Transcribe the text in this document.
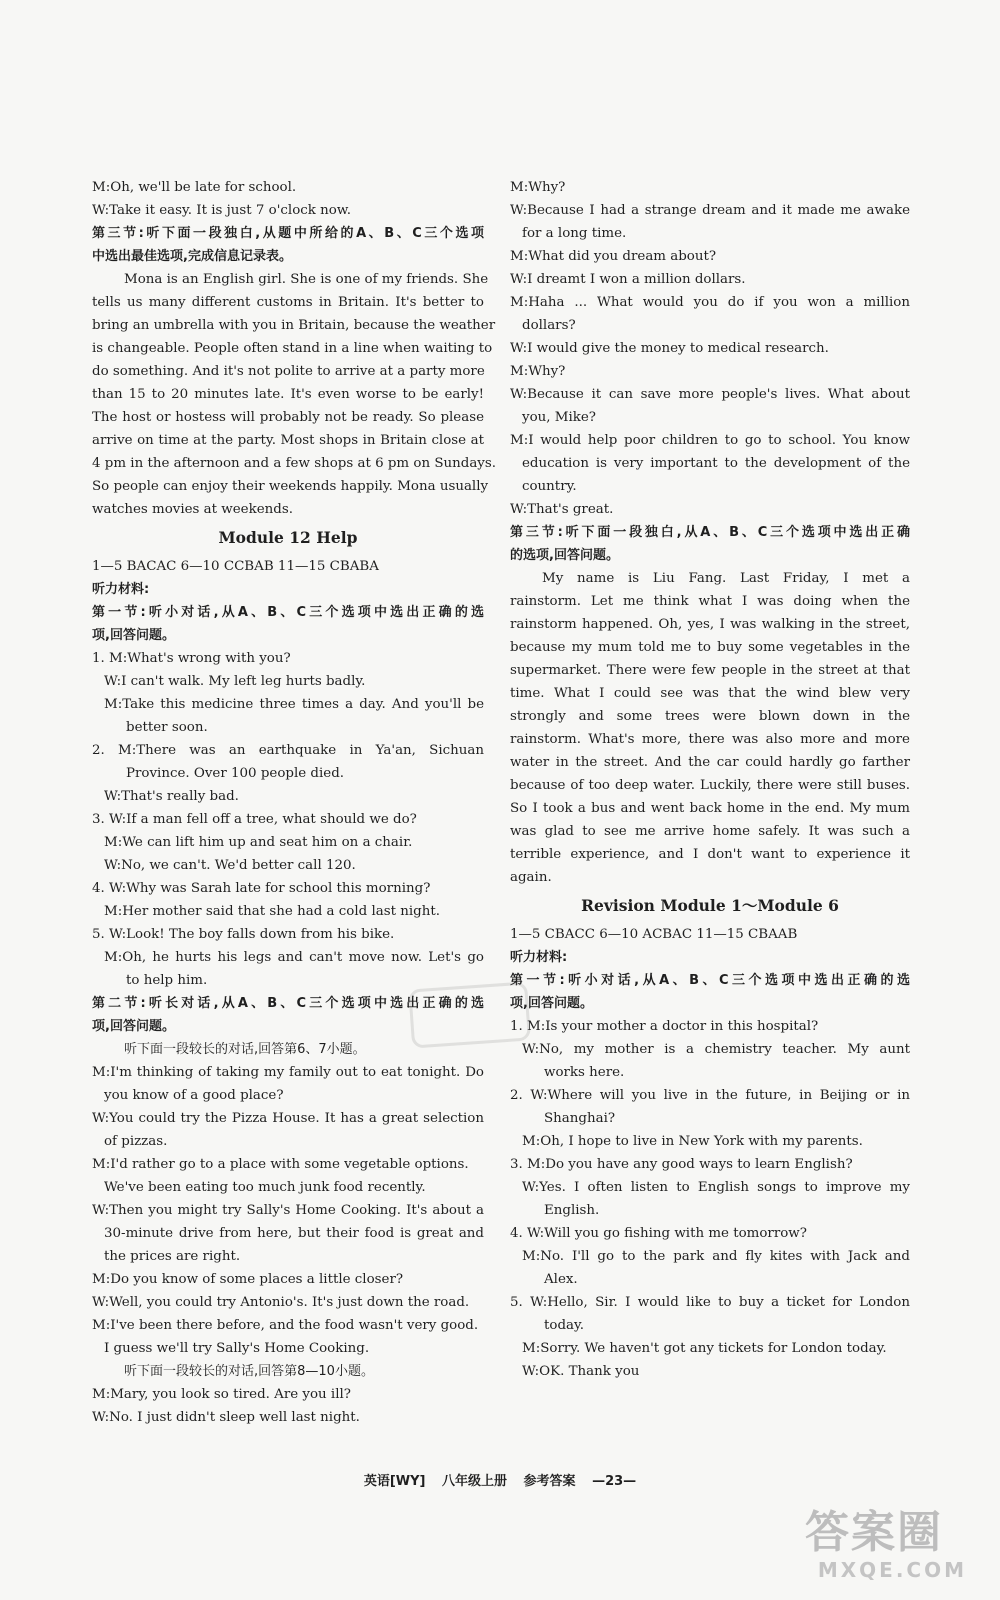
M:Oh, we'll be late for school.
W:Take it easy. It is just 7 o'clock now.
第三节:听下面一段独白,从题中所给的A、B、C三个选项
中选出最佳选项,完成信息记录表。
Mona is an English girl. She is one of my friends. She
tells us many different customs in Britain. It's better to
bring an umbrella with you in Britain, because the weather
is changeable. People often stand in a line when waiting to
do something. And it's not polite to arrive at a party more
than 15 to 20 minutes late. It's even worse to be early!
The host or hostess will probably not be ready. So please
arrive on time at the party. Most shops in Britain close at
4 pm in the afternoon and a few shops at 6 pm on Sundays.
So people can enjoy their weekends happily. Mona usually
watches movies at weekends.
Module 12 Help
1—5 BACAC 6—10 CCBAB 11—15 CBABA
听力材料:
第一节:听小对话,从A、B、C三个选项中选出正确的选
项,回答问题。
1. M:What's wrong with you?
W:I can't walk. My left leg hurts badly.
M:Take this medicine three times a day. And you'll be
better soon.
2. M:There was an earthquake in Ya'an, Sichuan
Province. Over 100 people died.
W:That's really bad.
3. W:If a man fell off a tree, what should we do?
M:We can lift him up and seat him on a chair.
W:No, we can't. We'd better call 120.
4. W:Why was Sarah late for school this morning?
M:Her mother said that she had a cold last night.
5. W:Look! The boy falls down from his bike.
M:Oh, he hurts his legs and can't move now. Let's go
to help him.
第二节:听长对话,从A、B、C三个选项中选出正确的选
项,回答问题。
听下面一段较长的对话,回答第6、7小题。
M:I'm thinking of taking my family out to eat tonight. Do
you know of a good place?
W:You could try the Pizza House. It has a great selection
of pizzas.
M:I'd rather go to a place with some vegetable options.
We've been eating too much junk food recently.
W:Then you might try Sally's Home Cooking. It's about a
30-minute drive from here, but their food is great and
the prices are right.
M:Do you know of some places a little closer?
W:Well, you could try Antonio's. It's just down the road.
M:I've been there before, and the food wasn't very good.
I guess we'll try Sally's Home Cooking.
听下面一段较长的对话,回答第8—10小题。
M:Mary, you look so tired. Are you ill?
W:No. I just didn't sleep well last night.
M:Why?
W:Because I had a strange dream and it made me awake
for a long time.
M:What did you dream about?
W:I dreamt I won a million dollars.
M:Haha ... What would you do if you won a million
dollars?
W:I would give the money to medical research.
M:Why?
W:Because it can save more people's lives. What about
you, Mike?
M:I would help poor children to go to school. You know
education is very important to the development of the
country.
W:That's great.
第三节:听下面一段独白,从A、B、C三个选项中选出正确
的选项,回答问题。
My name is Liu Fang. Last Friday, I met a
rainstorm. Let me think what I was doing when the
rainstorm happened. Oh, yes, I was walking in the street,
because my mum told me to buy some vegetables in the
supermarket. There were few people in the street at that
time. What I could see was that the wind blew very
strongly and some trees were blown down in the
rainstorm. What's more, there was also more and more
water in the street. And the car could hardly go farther
because of too deep water. Luckily, there were still buses.
So I took a bus and went back home in the end. My mum
was glad to see me arrive home safely. It was such a
terrible experience, and I don't want to experience it
again.
Revision Module 1～Module 6
1—5 CBACC 6—10 ACBAC 11—15 CBAAB
听力材料:
第一节:听小对话,从A、B、C三个选项中选出正确的选
项,回答问题。
1. M:Is your mother a doctor in this hospital?
W:No, my mother is a chemistry teacher. My aunt
works here.
2. W:Where will you live in the future, in Beijing or in
Shanghai?
M:Oh, I hope to live in New York with my parents.
3. M:Do you have any good ways to learn English?
W:Yes. I often listen to English songs to improve my
English.
4. W:Will you go fishing with me tomorrow?
M:No. I'll go to the park and fly kites with Jack and
Alex.
5. W:Hello, Sir. I would like to buy a ticket for London
today.
M:Sorry. We haven't got any tickets for London today.
W:OK. Thank you
英语[WY] 八年级上册 参考答案 —23—
答案圈
MXQE.COM
